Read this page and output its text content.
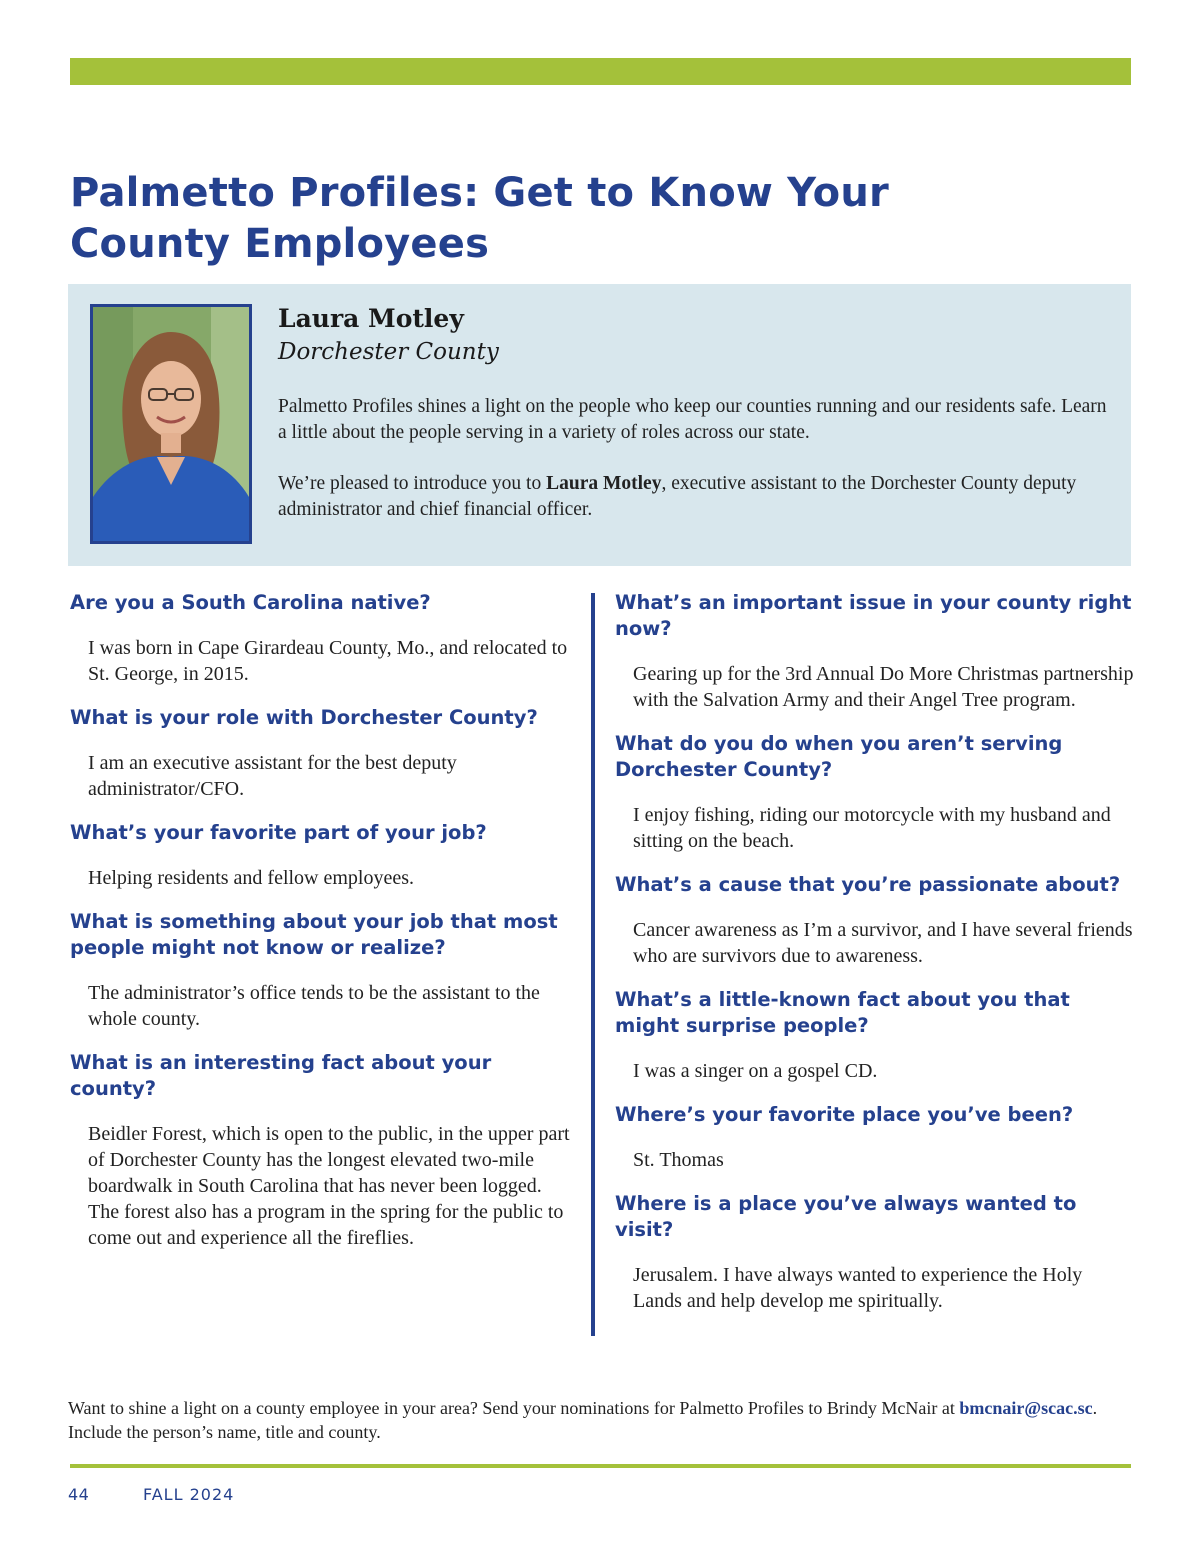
Palmetto Profiles: Get to Know Your
County Employees
Laura Motley

Dorchester County

Palmetto Profiles shines a light on the people who keep our counties running and our residents safe. Learn a little about the people serving in a variety of roles across our state.

We’re pleased to introduce you to Laura Motley, executive assistant to the Dorchester County deputy administrator and chief financial officer.

Are you a South Carolina native?

I was born in Cape Girardeau County, Mo., and relocated to St. George, in 2015.

What is your role with Dorchester County?

I am an executive assistant for the best deputy administrator/CFO.

What’s your favorite part of your job?

Helping residents and fellow employees.

What is something about your job that most people might not know or realize?

The administrator’s office tends to be the assistant to the whole county.

What is an interesting fact about your county?

Beidler Forest, which is open to the public, in the upper part of Dorchester County has the longest elevated two-mile boardwalk in South Carolina that has never been logged. The forest also has a program in the spring for the public to come out and experience all the fireflies.

What’s an important issue in your county right now?

Gearing up for the 3rd Annual Do More Christmas partnership with the Salvation Army and their Angel Tree program.

What do you do when you aren’t serving Dorchester County?

I enjoy fishing, riding our motorcycle with my husband and sitting on the beach.

What’s a cause that you’re passionate about?

Cancer awareness as I’m a survivor, and I have several friends who are survivors due to awareness.

What’s a little-known fact about you that might surprise people?

I was a singer on a gospel CD.

Where’s your favorite place you’ve been?

St. Thomas

Where is a place you’ve always wanted to visit?

Jerusalem. I have always wanted to experience the Holy Lands and help develop me spiritually.

Want to shine a light on a county employee in your area? Send your nominations for Palmetto Profiles to Brindy McNair at bmcnair@scac.sc. Include the person’s name, title and county.

44	FALL 2024
